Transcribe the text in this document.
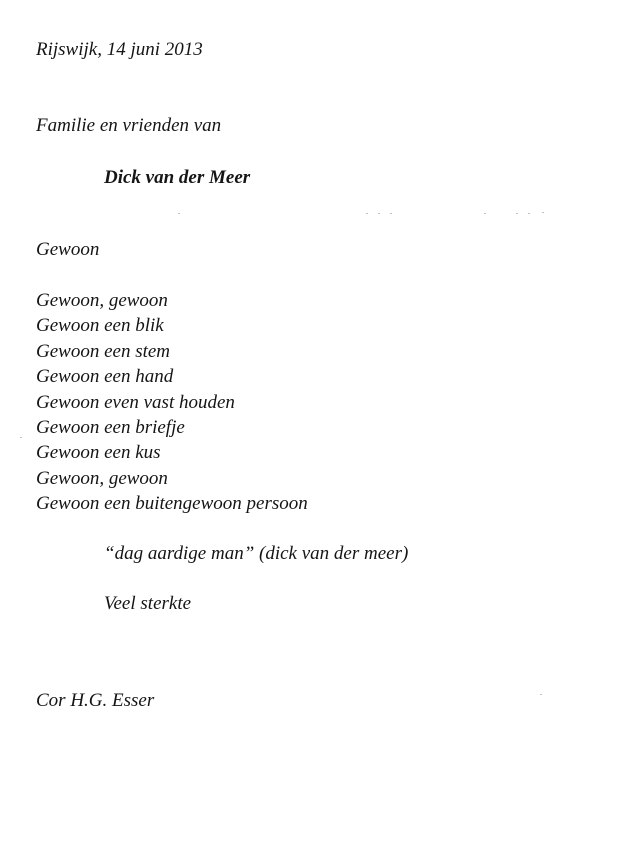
Rijswijk, 14 juni 2013
Familie en vrienden van
Dick van der Meer
Gewoon
Gewoon, gewoon
Gewoon een blik
Gewoon een stem
Gewoon een hand
Gewoon even vast houden
Gewoon een briefje
Gewoon een kus
Gewoon, gewoon
Gewoon een buitengewoon persoon
“dag aardige man” (dick van der meer)
Veel sterkte
Cor H.G. Esser
